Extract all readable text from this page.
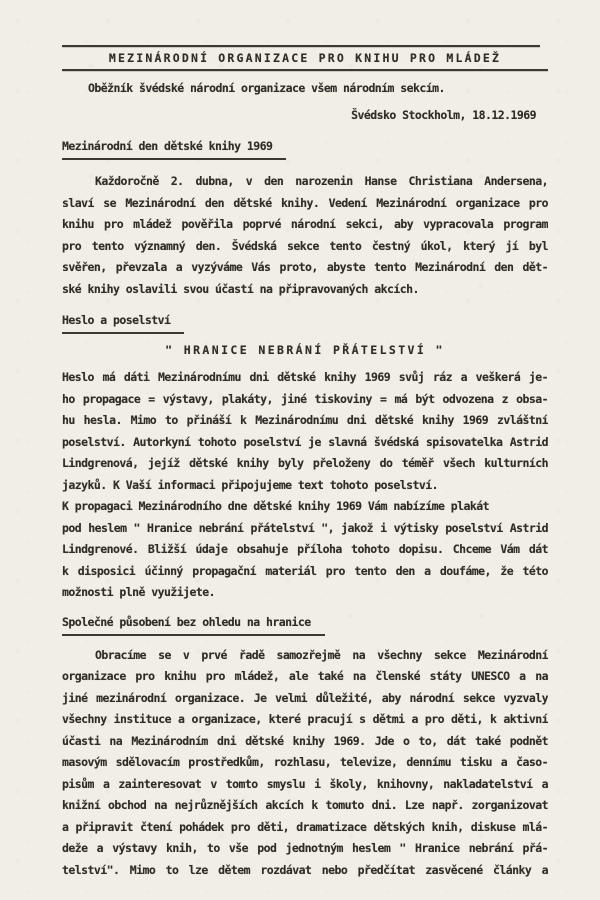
MEZINÁRODNÍ ORGANIZACE PRO KNIHU PRO MLÁDEŽ
Oběžník švédské národní organizace všem národním sekcím.
Švédsko Stockholm, 18.12.1969
Mezinárodní den dětské knihy 1969
Každoročně 2. dubna, v den narozenin Hanse Christiana Andersena,
slaví se Mezinárodní den dětské knihy. Vedení Mezinárodní organizace pro
knihu pro mládež pověřila poprvé národní sekci, aby vypracovala program
pro tento významný den. Švédská sekce tento čestný úkol, který jí byl
svěřen, převzala a vyzýváme Vás proto, abyste tento Mezinárodní den dět-
ské knihy oslavili svou účastí na připravovaných akcích.
Heslo a poselství
" HRANICE NEBRÁNÍ PŘÁTELSTVÍ "
Heslo má dáti Mezinárodnímu dni dětské knihy 1969 svůj ráz a veškerá je-
ho propagace = výstavy, plakáty, jiné tiskoviny = má být odvozena z obsa-
hu hesla. Mimo to přináší k Mezinárodnímu dni dětské knihy 1969 zvláštní
poselství. Autorkyní tohoto poselství je slavná švédská spisovatelka Astrid
Lindgrenová, jejíž dětské knihy byly přeloženy do téměř všech kulturních
jazyků. K Vaší informaci připojujeme text tohoto poselství.
K propagaci Mezinárodního dne dětské knihy 1969 Vám nabízíme plakát
pod heslem " Hranice nebrání přátelství ", jakož i výtisky poselství Astrid
Lindgrenové. Bližší údaje obsahuje příloha tohoto dopisu. Chceme Vám dát
k disposici účinný propagační materiál pro tento den a doufáme, že této
možnosti plně využijete.
Společné působení bez ohledu na hranice
Obracíme se v prvé řadě samozřejmě na všechny sekce Mezinárodní
organizace pro knihu pro mládež, ale také na členské státy UNESCO a na
jiné mezinárodní organizace. Je velmi důležité, aby národní sekce vyzvaly
všechny instituce a organizace, které pracují s dětmi a pro děti, k aktivní
účasti na Mezinárodním dni dětské knihy 1969. Jde o to, dát také podnět
masovým sdělovacím prostředkům, rozhlasu, televize, dennímu tisku a časo-
pisům a zainteresovat v tomto smyslu i školy, knihovny, nakladatelství a
knižní obchod na nejrůznějších akcích k tomuto dni. Lze např. zorganizovat
a připravit čtení pohádek pro děti, dramatizace dětských knih, diskuse mlá-
deže a výstavy knih, to vše pod jednotným heslem " Hranice nebrání přá-
telství". Mimo to lze dětem rozdávat nebo předčítat zasvěcené články a
